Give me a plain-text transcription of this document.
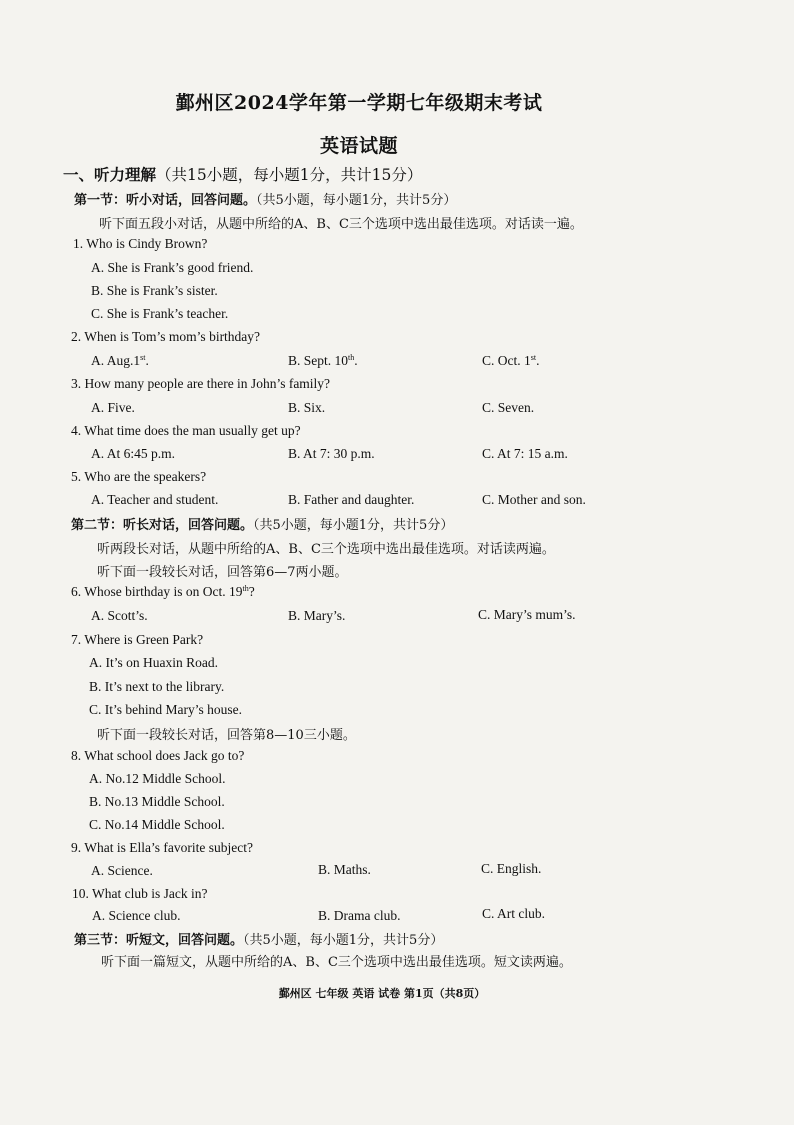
鄞州区2024学年第一学期七年级期末考试
英语试题
一、听力理解（共15小题，每小题1分，共计15分）
第一节：听小对话，回答问题。（共5小题，每小题1分，共计5分）
听下面五段小对话，从题中所给的A、B、C三个选项中选出最佳选项。对话读一遍。
1. Who is Cindy Brown?
A. She is Frank’s good friend.
B. She is Frank’s sister.
C. She is Frank’s teacher.
2. When is Tom’s mom’s birthday?
A. Aug.1st.	B. Sept. 10th.	C. Oct. 1st.
3. How many people are there in John’s family?
A. Five.	B. Six.	C. Seven.
4. What time does the man usually get up?
A. At 6:45 p.m.	B. At 7: 30 p.m.	C. At 7: 15 a.m.
5. Who are the speakers?
A. Teacher and student.	B. Father and daughter.	C. Mother and son.
第二节：听长对话，回答问题。（共5小题，每小题1分，共计5分）
听两段长对话，从题中所给的A、B、C三个选项中选出最佳选项。对话读两遍。
听下面一段较长对话，回答第6—7两小题。
6. Whose birthday is on Oct. 19th?
A. Scott’s.	B. Mary’s.	C. Mary’s mum’s.
7. Where is Green Park?
A. It’s on Huaxin Road.
B. It’s next to the library.
C. It’s behind Mary’s house.
听下面一段较长对话，回答第8—10三小题。
8. What school does Jack go to?
A. No.12 Middle School.
B. No.13 Middle School.
C. No.14 Middle School.
9. What is Ella’s favorite subject?
A. Science.	B. Maths.	C. English.
10. What club is Jack in?
A. Science club.	B. Drama club.	C. Art club.
第三节：听短文，回答问题。（共5小题，每小题1分，共计5分）
听下面一篇短文，从题中所给的A、B、C三个选项中选出最佳选项。短文读两遍。
鄞州区 七年级 英语 试卷 第1页（共8页）
